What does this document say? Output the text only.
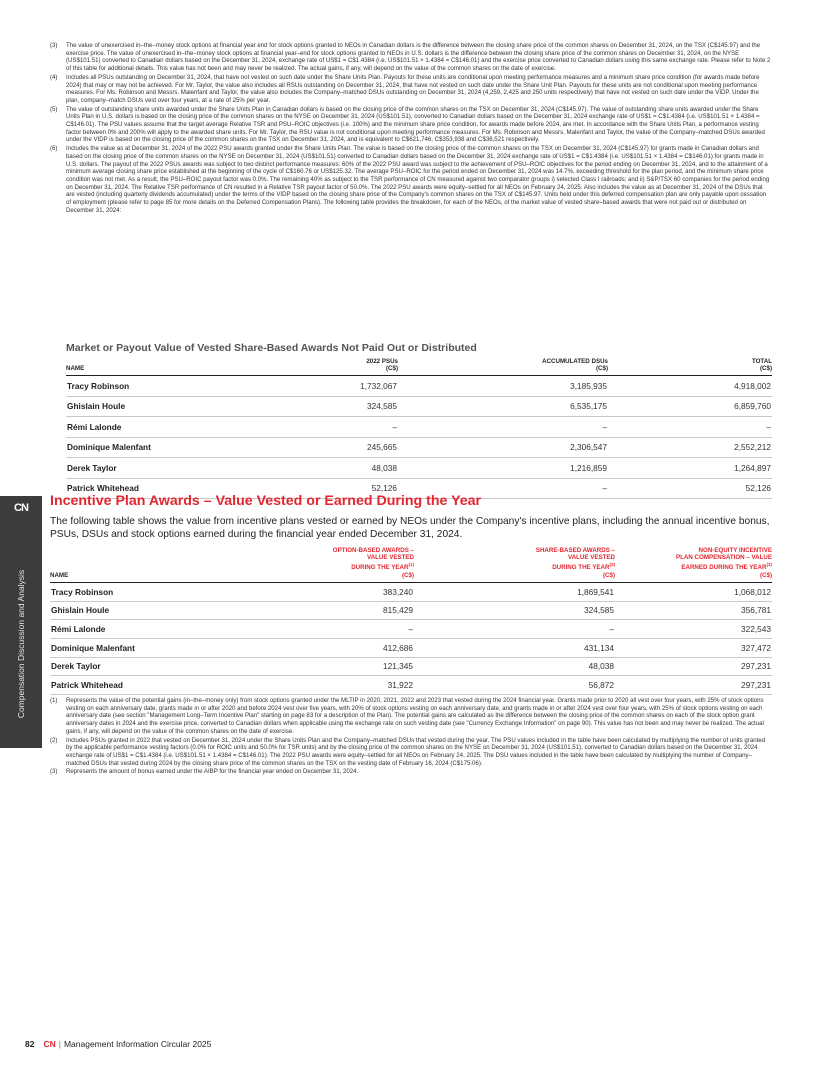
CN
Compensation Discussion and Analysis
(3) The value of unexercised in–the–money stock options at financial year end for stock options granted to NEOs in Canadian dollars is the difference between the closing share price of the common shares on December 31, 2024, on the TSX (C$145.97) and the exercise price. The value of unexercised in–the–money stock options at financial year–end for stock options granted to NEOs in U.S. dollars is the difference between the closing share price of the common shares on December 31, 2024, on the NYSE (US$101.51) converted to Canadian dollars based on the December 31, 2024, exchange rate of US$1 = C$1.4384 (i.e. US$101.51 × 1.4384 = C$146.01) and the exercise price converted to Canadian dollars using this same exchange rate. Please refer to Note 2 of this table for additional details. This value has not been and may never be realized. The actual gains, if any, will depend on the value of the common shares on the date of exercise.
(4) Includes all PSUs outstanding on December 31, 2024, that have not vested on such date under the Share Units Plan. Payouts for these units are conditional upon meeting performance measures and a minimum share price condition (for awards made before 2024) that may or may not be achieved. For Mr. Taylor, the value also includes all RSUs outstanding on December 31, 2024, that have not vested on such date under the Share Unit Plan. Payouts for these units are not conditional upon meeting performance measures. For Ms. Robinson and Messrs. Malenfant and Taylor, the value also includes the Company–matched DSUs outstanding on December 31, 2024 (4,259, 2,425 and 250 units respectively) that have not vested on such date under the VIDP. Under the plan, company–match DSUs vest over four years, at a rate of 25% per year.
(5) The value of outstanding share units awarded under the Share Units Plan in Canadian dollars is based on the closing price of the common shares on the TSX on December 31, 2024 (C$145.97). The value of outstanding share units awarded under the Share Units Plan in U.S. dollars is based on the closing price of the common shares on the NYSE on December 31, 2024 (US$101.51), converted to Canadian dollars based on the December 31, 2024 exchange rate of US$1 = C$1.4384 (i.e. US$101.51 × 1.4384 = C$146.01). The PSU values assume that the target average Relative TSR and PSU–ROIC objectives (i.e. 100%) and the minimum share price condition, for awards made before 2024, are met. In accordance with the Share Units Plan, a performance vesting factor between 0% and 200% will apply to the awarded share units. For Mr. Taylor, the RSU value is not conditional upon meeting performance measures. For Ms. Robinson and Messrs. Malenfant and Taylor, the value of the Company–matched DSUs awarded under the VIDP is based on the closing price of the common shares on the TSX on December 31, 2024, and is equivalent to C$621,746, C$353,938 and C$36,521 respectively.
(6) Includes the value as at December 31, 2024 of the 2022 PSU awards granted under the Share Units Plan. The value is based on the closing price of the common shares on the TSX on December 31, 2024 (C$145.97) for grants made in Canadian dollars and based on the closing price of the common shares on the NYSE on December 31, 2024 (US$101.51) converted to Canadian dollars based on the December 31, 2024 exchange rate of US$1 = C$1.4384 (i.e. US$101.51 × 1.4384 = C$146.01) for grants made in U.S. dollars. The payout of the 2022 PSUs awards was subject to two distinct performance measures: 60% of the 2022 PSU award was subject to the achievement of PSU–ROIC objectives for the period ending on December 31, 2024, and to the attainment of a minimum average closing share price established at the beginning of the cycle of C$160.76 or US$125.32. The average PSU–ROIC for the period ended on December 31, 2024 was 14.7%, exceeding threshold for the plan period, and the minimum share price condition was not met. As a result, the PSU–ROIC payout factor was 0.0%. The remaining 40% as subject to the TSR performance of CN measured against two comparator groups i) selected Class I railroads; and ii) S&P/TSX 60 companies for the period ending on December 31, 2024. The Relative TSR performance of CN resulted in a Relative TSR payout factor of 50.0%. The 2022 PSU awards were equity–settled for all NEOs on February 24, 2025. Also includes the value as at December 31, 2024 of the DSUs that are vested (including quarterly dividends accumulated) under the terms of the VIDP based on the closing share price of the Company's common shares on the TSX of C$145.97. Units held under this deferred compensation plan are only payable upon cessation of employment (please refer to page 85 for more details on the Deferred Compensation Plans). The following table provides the breakdown, for each of the NEOs, of the market value of vested share–based awards that were not paid out or distributed on December 31, 2024:
Market or Payout Value of Vested Share-Based Awards Not Paid Out or Distributed
NAME	2022 PSUs
(C$)	ACCUMULATED DSUs
(C$)	TOTAL
(C$)
Tracy Robinson	1,732,067	3,185,935	4,918,002
Ghislain Houle	324,585	6,535,175	6,859,760
Rémi Lalonde	–	–	–
Dominique Malenfant	245,665	2,306,547	2,552,212
Derek Taylor	48,038	1,216,859	1,264,897
Patrick Whitehead	52,126	–	52,126
Incentive Plan Awards – Value Vested or Earned During the Year
The following table shows the value from incentive plans vested or earned by NEOs under the Company's incentive plans, including the annual incentive bonus, PSUs, DSUs and stock options earned during the financial year ended December 31, 2024.
NAME	OPTION-BASED AWARDS –
VALUE VESTED
DURING THE YEAR$^{(1)}$
(C$)	SHARE-BASED AWARDS –
VALUE VESTED
DURING THE YEAR$^{(2)}$
(C$)	NON-EQUITY INCENTIVE
PLAN COMPENSATION – VALUE
EARNED DURING THE YEAR$^{(3)}$
(C$)
Tracy Robinson	383,240	1,869,541	1,068,012
Ghislain Houle	815,429	324,585	356,781
Rémi Lalonde	–	–	322,543
Dominique Malenfant	412,686	431,134	327,472
Derek Taylor	121,345	48,038	297,231
Patrick Whitehead	31,922	56,872	297,231
(1) Represents the value of the potential gains (in–the–money only) from stock options granted under the MLTIP in 2020, 2021, 2022 and 2023 that vested during the 2024 financial year. Grants made prior to 2020 all vest over four years, with 25% of stock options vesting on each anniversary date, grants made in or after 2020 and before 2024 vest over five years, with 20% of stock options vesting on each anniversary date, and grants made in or after 2024 vest over four years, with 25% of stock options vesting on each anniversary date (see section "Management Long–Term Incentive Plan" starting on page 83 for a description of the Plan). The potential gains are calculated as the difference between the closing price of the common shares on each of the stock option grant anniversary dates in 2024 and the exercise price, converted to Canadian dollars when applicable using the exchange rate on such vesting date (see "Currency Exchange Information" on page 90). This value has not been and may never be realized. The actual gains, if any, will depend on the value of the common shares on the date of exercise.
(2) Includes PSUs granted in 2022 that vested on December 31, 2024 under the Share Units Plan and the Company–matched DSUs that vested during the year. The PSU values included in the table have been calculated by multiplying the number of units granted by the applicable performance vesting factors (0.0% for ROIC units and 50.0% for TSR units) and by the closing price of the common shares on the NYSE on December 31, 2024 (US$101.51), converted to Canadian dollars based on the December 31, 2024 exchange rate of US$1 = C$1.4384 (i.e. US$101.51 × 1.4384 = C$146.01). The 2022 PSU awards were equity–settled for all NEOs on February 24, 2025. The DSU values included in the table have been calculated by multiplying the number of Company–matched DSUs that vested during 2024 by the closing share price of the common shares on the TSX on the vesting date of February 16, 2024 (C$175.06).
(3) Represents the amount of bonus earned under the AIBP for the financial year ended on December 31, 2024.
82 CN | Management Information Circular 2025
